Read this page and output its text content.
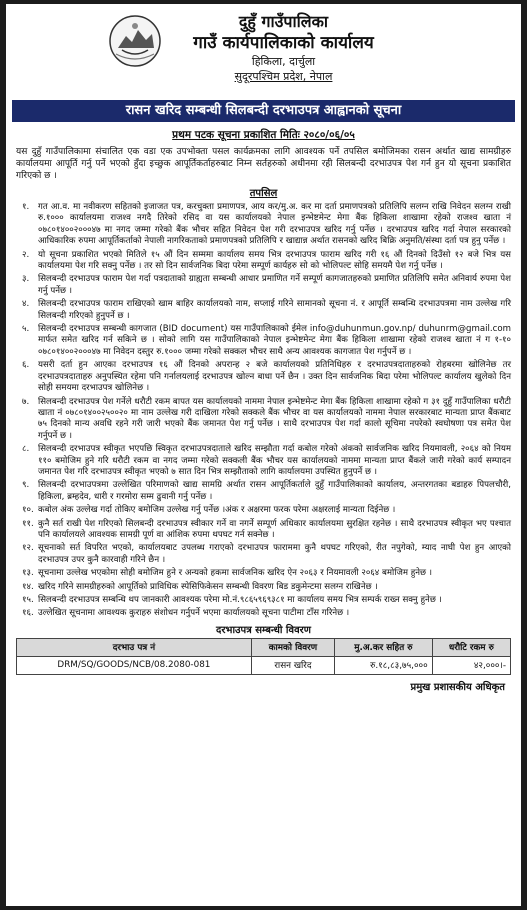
दुहुँ गाउँपालिका
गाउँ कार्यपालिकाको कार्यालय
हिकिला, दार्चुला
सुदूरपश्चिम प्रदेश, नेपाल
रासन खरिद सम्बन्धी सिलबन्दी दरभाउपत्र आह्वानको सूचना
प्रथम पटक सूचना प्रकाशित मितिः २०८०/०६/०५
यस दुहुँ गाउँपालिकामा संचालित एक वडा एक उपभोक्ता पसल कार्यक्रमका लागि आवश्यक पर्ने तपसिल बमोजिमका रासन अर्थात खाद्य सामग्रीहरु कार्यालयमा आपूर्ति गर्नु पर्ने भएको हुँदा इच्छुक आपूर्तिकर्ताहरुबाट निम्न सर्तहरुको अधीनमा रही सिलबन्दी दरभाउपत्र पेश गर्न हुन यो सूचना प्रकाशित गरिएको छ ।
तपसिल
१.	गत आ.व. मा नवीकरण सहितको इजाजत पत्र, करचुक्ता प्रमाणपत्र, आय कर/मु.अ. कर मा दर्ता प्रमाणपत्रको प्रतिलिपि सलग्न राखि निवेदन सलग्न राखी रु.१००० कार्यालयमा राजश्व नगदै तिरेको रसिद वा यस कार्यालयको नेपाल इन्भेष्टमेन्ट मेगा बैंक हिकिला शाखामा रहेको राजश्व खाता नं ०७८०१४००२०००४७ मा नगद जम्मा गरेको बैंक भौचर सहित निवेदन पेश गरी दरभाउपत्र खरिद गर्नु पर्नेछ । दरभाउपत्र खरिद गर्दा नेपाल सरकारको आधिकारिक रुपमा आपूर्तिकर्ताको नेपाली नागरिकताको प्रमाणपत्रको प्रतिलिपि र खाद्यान्न अर्थात रासनको खरिद बिक्रि अनुमति/संस्था दर्ता पत्र हुनु पर्नेछ ।
२.	यो सूचना प्रकाशित भएको मितिले १५ औं दिन सम्ममा कार्यालय समय भित्र दरभाउपत्र फाराम खरिद गरी १६ औं दिनको दिउँसो १२ बजे भित्र यस कार्यालयमा पेश गरि सक्नु पर्नेछ । तर सो दिन सार्वजनिक बिदा परेमा सम्पूर्ण कार्यहरु सो को भोलिपल्ट सोहि समयमै पेश गर्नु पर्नेछ ।
३.	सिलबन्दी दरभाउपत्र फाराम पेश गर्दा पत्रदाताको ग्राह्यता सम्बन्धी आधार प्रमाणित गर्ने सम्पूर्ण कागजातहरुको प्रमाणित प्रतिलिपि समेत अनिवार्य रुपमा पेश गर्नु पर्नेछ ।
४.	सिलबन्दी दरभाउपत्र फाराम राखिएको खाम बाहिर कार्यालयको नाम, सप्लाई गरिने सामानको सूचना नं. र आपूर्ति सम्बन्धि दरभाउपत्रमा नाम उल्लेख गरि सिलबन्दी गरिएको हुनुपर्ने छ ।
५.	सिलबन्दी दरभाउपत्र सम्बन्धी कागजात (BID document) यस गाउँपालिकाको ईमेल info@duhunmun.gov.np/ duhunrm@gmail.com मार्फत समेत खरिद गर्न सकिने छ । सोको लागि यस गाउँपालिकाको नेपाल इन्भेष्टमेन्ट मेगा बैंक हिकिला शाखामा रहेको राजश्व खाता नं ग १-१० ०७८०१४००२०००४७ मा निवेदन दस्तुर रु.१००० जम्मा गरेको सक्कल भौचर साथै अन्य आवश्यक कागजात पेश गर्नुपर्ने छ ।
६.	यसरी दर्ता हुन आएका दरभाउपत्र १६ औं दिनको अपरान्ह २ बजे कार्यालयको प्रतिनिधिहरु र दरभाउपत्रदाताहरुको रोहबरमा खोलिनेछ तर दरभाउपत्रदाताहरु अनुपस्थित रहेमा पनि गर्नालयलाई दरभाउपत्र खोल्न बाधा पर्ने छैन । उक्त दिन सार्वजनिक बिदा परेमा भोलिपल्ट कार्यालय खुलेको दिन सोही समयमा दरभाउपत्र खोलिनेछ ।
७.	सिलबन्दी दरभाउपत्र पेश गर्नेले धरौटी रकम बापत यस कार्यालयको नाममा नेपाल इन्भेष्टमेन्ट मेगा बैंक हिकिला शाखामा रहेको ग ३१ दुहुँ गाउँपालिका धरौटी खाता नं ०७८०१४००२५००२० मा नाम उल्लेख गरी दाखिला गरेको सक्कले बैंक भौचर वा यस कार्यालयको नाममा नेपाल सरकारबाट मान्यता प्राप्त बैंकबाट ७५ दिनको मान्य अवधि रहने गरी जारी भएको बैंक जमानत पेश गर्नु पर्नेछ । साथै दरभाउपत्र पेश गर्दा कालो सूचिमा नपरेको स्वघोषणा पत्र समेत पेश गर्नुपर्ने छ ।
८.	सिलबन्दी दरभाउपत्र स्वीकृत भएपछि स्विकृत दरभाउपत्रदाताले खरिद सम्झौता गर्दा कबोल गरेको अंकको सार्वजनिक खरिद नियमावली, २०६४ को नियम ११० बमोजिम हुने गरि धरौटी रकम वा नगद जम्मा गरेको सक्कली बैंक भौचर यस कार्यालयको नाममा मान्यता प्राप्त बैंकले जारी गरेको कार्य सम्पादन जमानत पेश गरि दरभाउपत्र स्वीकृत भएको ७ सात दिन भित्र सम्झौताको लागि कार्यालयमा उपस्थित हुनुपर्ने छ ।
९.	सिलबन्दी दरभाउपत्रमा उल्लेखित परिमाणको खाद्य सामग्रि अर्थात रासन आपूर्तिकर्ताले दुहुँ गाउँपालिकाको कार्यालय, अन्तरगतका बडाहरु पिपलचौरी, हिकिला, ब्रम्हदेव, धारी र गरमोरा सम्म ढुवानी गर्नु पर्नेछ ।
१०. कबोल अंक उल्लेख गर्दा तोकिए बमोजिम उल्लेख गर्नु पर्नेछ ।अंक र अक्षरमा फरक परेमा अक्षरलाई मान्यता दिईनेछ ।
११. कुनै सर्त राखी पेश गरिएको सिलबन्दी दरभाउपत्र स्वीकार गर्ने वा नगर्ने सम्पूर्ण अधिकार कार्यालयमा सुरक्षित रहनेछ । साथै दरभाउपत्र स्वीकृत भए पश्चात पनि कार्यालयले आवश्यक सामग्री पूर्ण वा आंशिक रुपमा थपघट गर्न सक्नेछ ।
१२. सूचनाको सर्त विपरित भएको, कार्यालयबाट उपलब्ध गराएको दरभाउपत्र फाराममा कुनै थपघट गरिएको, रीत नपुगेको, म्याद नाघी पेश हुन आएको दरभाउपत्र उपर कुनै कारवाही गरिने छैन ।
१३. सूचनामा उल्लेख भएकोमा सोही बमोजिम हुने र अन्यको हकमा सार्वजनिक खरिद ऐन २०६३ र नियमावली २०६४ बमोजिम हुनेछ ।
१४. खरिद गरिने सामग्रीहरुको आपूर्तिको प्राविधिक स्पेसिफिकेसन सम्बन्धी विवरण बिड डकुमेन्टमा सलग्न राखिनेछ ।
१५. सिलबन्दी दरभाउपत्र सम्बन्धि थप जानकारी आवश्यक परेमा मो.नं.९८६५९६९३८१ मा कार्यालय समय भित्र सम्पर्क राख्न सक्नु हुनेछ ।
१६. उल्लेखित सूचनामा आवश्यक कुराहरु संशोधन गर्नुपर्ने भएमा कार्यालयको सूचना पाटीमा टाँस गरिनेछ ।
दरभाउपत्र सम्बन्धी विवरण
दरभाउ पत्र नं	कामको विवरण	मु.अ.कर सहित रु	धरौटि रकम रु
DRM/SQ/GOODS/NCB/08.2080-081	रासन खरिद	रु.१८,८३,७५,०००	४२,०००।-
प्रमुख प्रशासकीय अधिकृत
